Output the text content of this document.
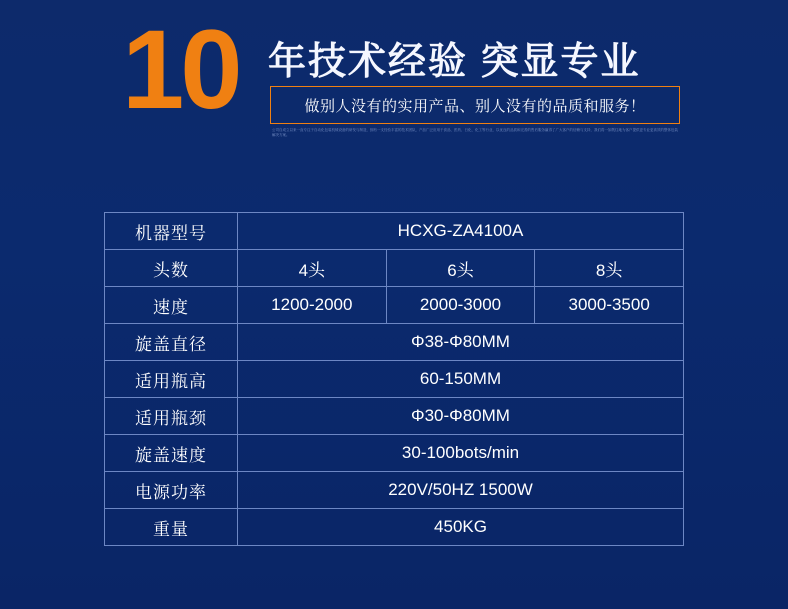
10 年技术经验 突显专业
做别人没有的实用产品、别人没有的品质和服务！
公司自成立以来一直专注于自动化包装机械设备的研发与制造，拥有一支经验丰富的技术团队，产品广泛应用于食品、医药、日化、化工等行业，以优良的品质和完善的售后服务赢得了广大客户的信赖与支持，我们将一如既往地为客户提供更专业更高效的整体包装解决方案。
机器型号	HCXG-ZA4100A		
头数	4头	6头	8头
速度	1200-2000	2000-3000	3000-3500
旋盖直径	Φ38-Φ80MM		
适用瓶高	60-150MM		
适用瓶颈	Φ30-Φ80MM		
旋盖速度	30-100bots/min		
电源功率	220V/50HZ 1500W		
重量	450KG		
